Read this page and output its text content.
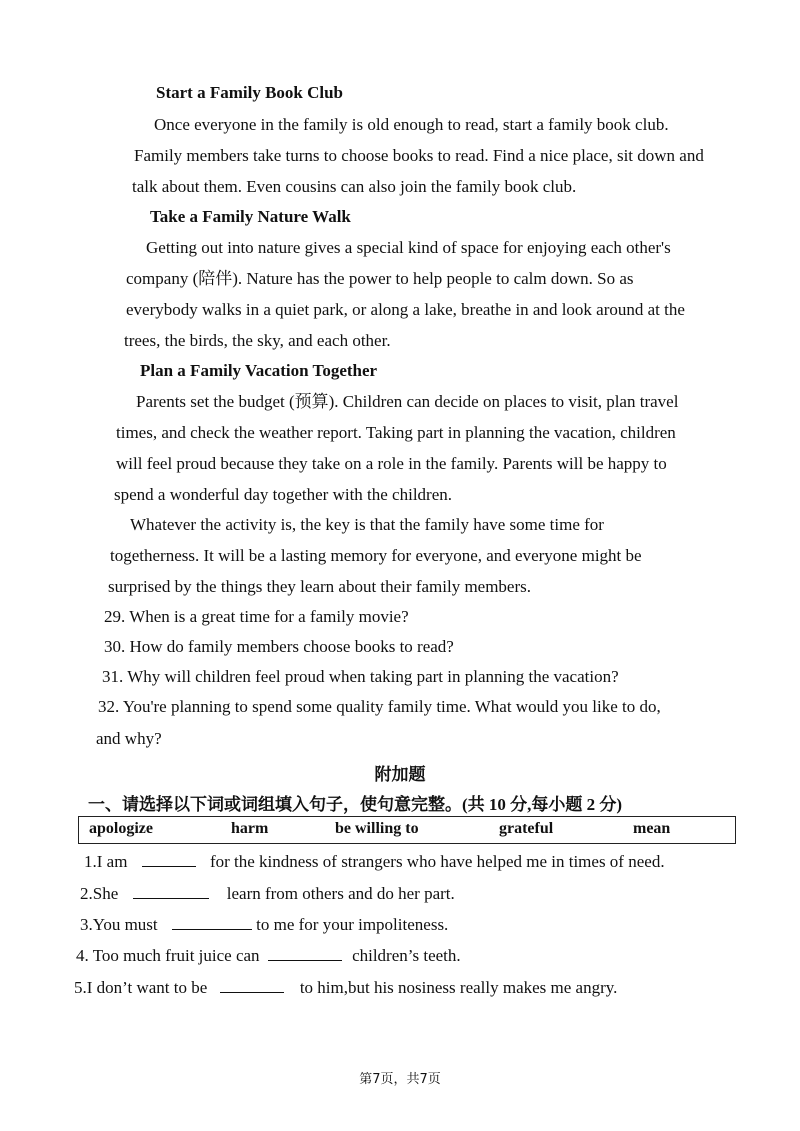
Start a Family Book Club
Once everyone in the family is old enough to read, start a family book club.
Family members take turns to choose books to read. Find a nice place, sit down and
talk about them. Even cousins can also join the family book club.
Take a Family Nature Walk
Getting out into nature gives a special kind of space for enjoying each other's
company (陪伴). Nature has the power to help people to calm down. So as
everybody walks in a quiet park, or along a lake, breathe in and look around at the
trees, the birds, the sky, and each other.
Plan a Family Vacation Together
Parents set the budget (预算). Children can decide on places to visit, plan travel
times, and check the weather report. Taking part in planning the vacation, children
will feel proud because they take on a role in the family. Parents will be happy to
spend a wonderful day together with the children.
Whatever the activity is, the key is that the family have some time for
togetherness. It will be a lasting memory for everyone, and everyone might be
surprised by the things they learn about their family members.
29. When is a great time for a family movie?
30. How do family members choose books to read?
31. Why will children feel proud when taking part in planning the vacation?
32. You're planning to spend some quality family time. What would you like to do,
and why?
附加题
一、请选择以下词或词组填入句子，使句意完整。(共 10 分,每小题 2 分)
apologize	harm	be willing to	grateful	mean
1.I am	for the kindness of strangers who have helped me in times of need.
2.She	learn from others and do her part.
3.You must	to me for your impoliteness.
4. Too much fruit juice can	children’s teeth.
5.I don’t want to be	to him,but his nosiness really makes me angry.
第7页，共7页
